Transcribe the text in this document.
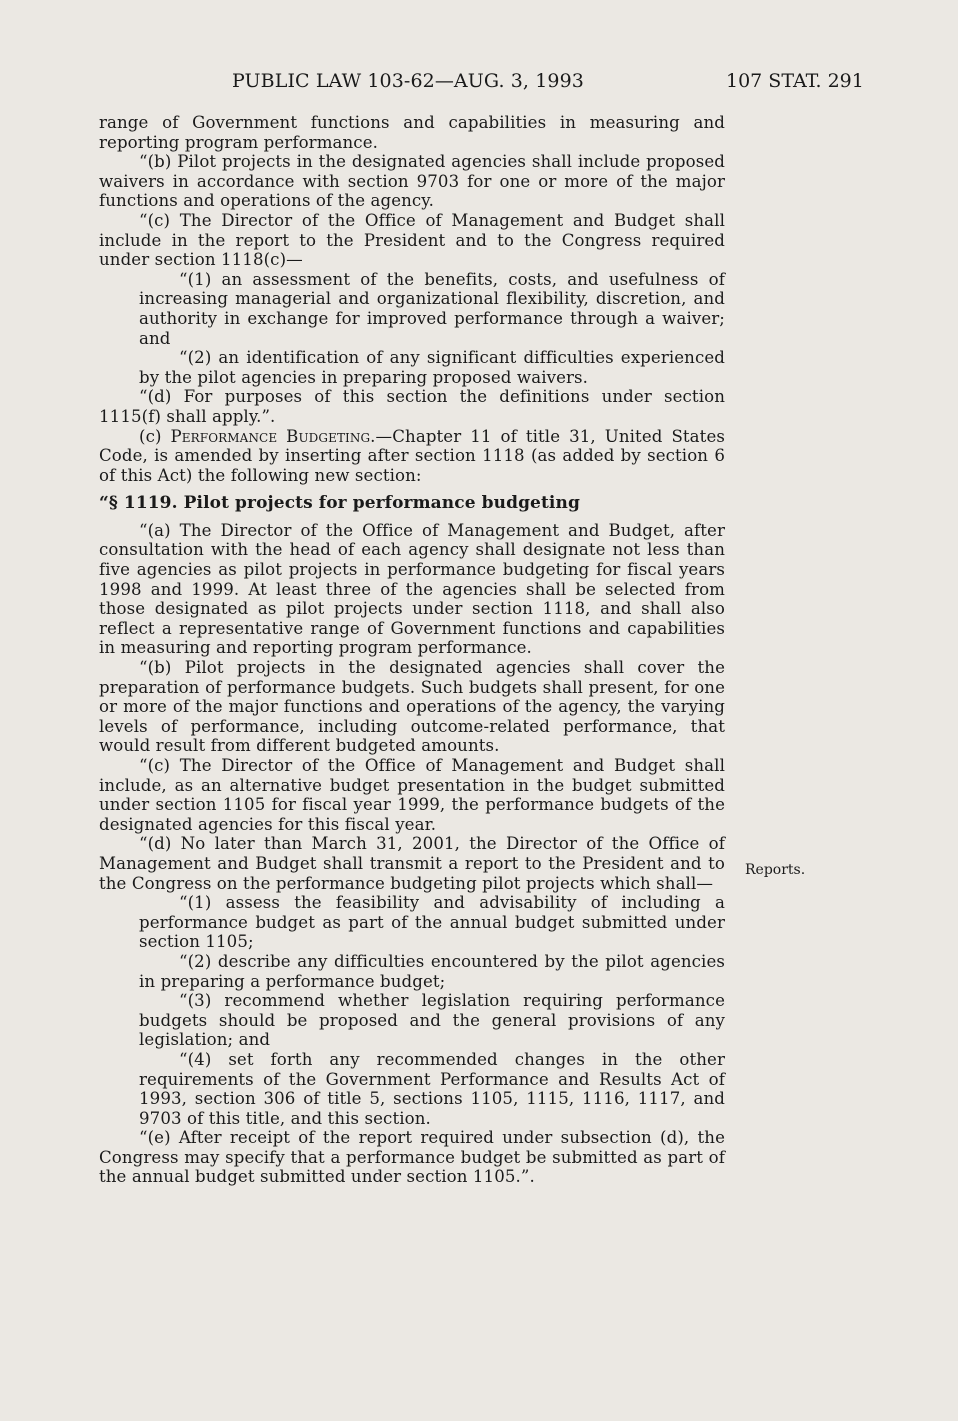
PUBLIC LAW 103-62—AUG. 3, 1993	107 STAT. 291

range of Government functions and capabilities in measuring and reporting program performance.

“(b) Pilot projects in the designated agencies shall include proposed waivers in accordance with section 9703 for one or more of the major functions and operations of the agency.

“(c) The Director of the Office of Management and Budget shall include in the report to the President and to the Congress required under section 1118(c)—

“(1) an assessment of the benefits, costs, and usefulness of increasing managerial and organizational flexibility, discretion, and authority in exchange for improved performance through a waiver; and

“(2) an identification of any significant difficulties experienced by the pilot agencies in preparing proposed waivers.

“(d) For purposes of this section the definitions under section 1115(f) shall apply.”.

(c) Performance Budgeting.—Chapter 11 of title 31, United States Code, is amended by inserting after section 1118 (as added by section 6 of this Act) the following new section:

“§ 1119. Pilot projects for performance budgeting

“(a) The Director of the Office of Management and Budget, after consultation with the head of each agency shall designate not less than five agencies as pilot projects in performance budgeting for fiscal years 1998 and 1999. At least three of the agencies shall be selected from those designated as pilot projects under section 1118, and shall also reflect a representative range of Government functions and capabilities in measuring and reporting program performance.

“(b) Pilot projects in the designated agencies shall cover the preparation of performance budgets. Such budgets shall present, for one or more of the major functions and operations of the agency, the varying levels of performance, including outcome-related performance, that would result from different budgeted amounts.

“(c) The Director of the Office of Management and Budget shall include, as an alternative budget presentation in the budget submitted under section 1105 for fiscal year 1999, the performance budgets of the designated agencies for this fiscal year.

“(d) No later than March 31, 2001, the Director of the Office of Management and Budget shall transmit a report to the President and to the Congress on the performance budgeting pilot projects which shall—

“(1) assess the feasibility and advisability of including a performance budget as part of the annual budget submitted under section 1105;

“(2) describe any difficulties encountered by the pilot agencies in preparing a performance budget;

“(3) recommend whether legislation requiring performance budgets should be proposed and the general provisions of any legislation; and

“(4) set forth any recommended changes in the other requirements of the Government Performance and Results Act of 1993, section 306 of title 5, sections 1105, 1115, 1116, 1117, and 9703 of this title, and this section.

“(e) After receipt of the report required under subsection (d), the Congress may specify that a performance budget be submitted as part of the annual budget submitted under section 1105.”.

Reports.
